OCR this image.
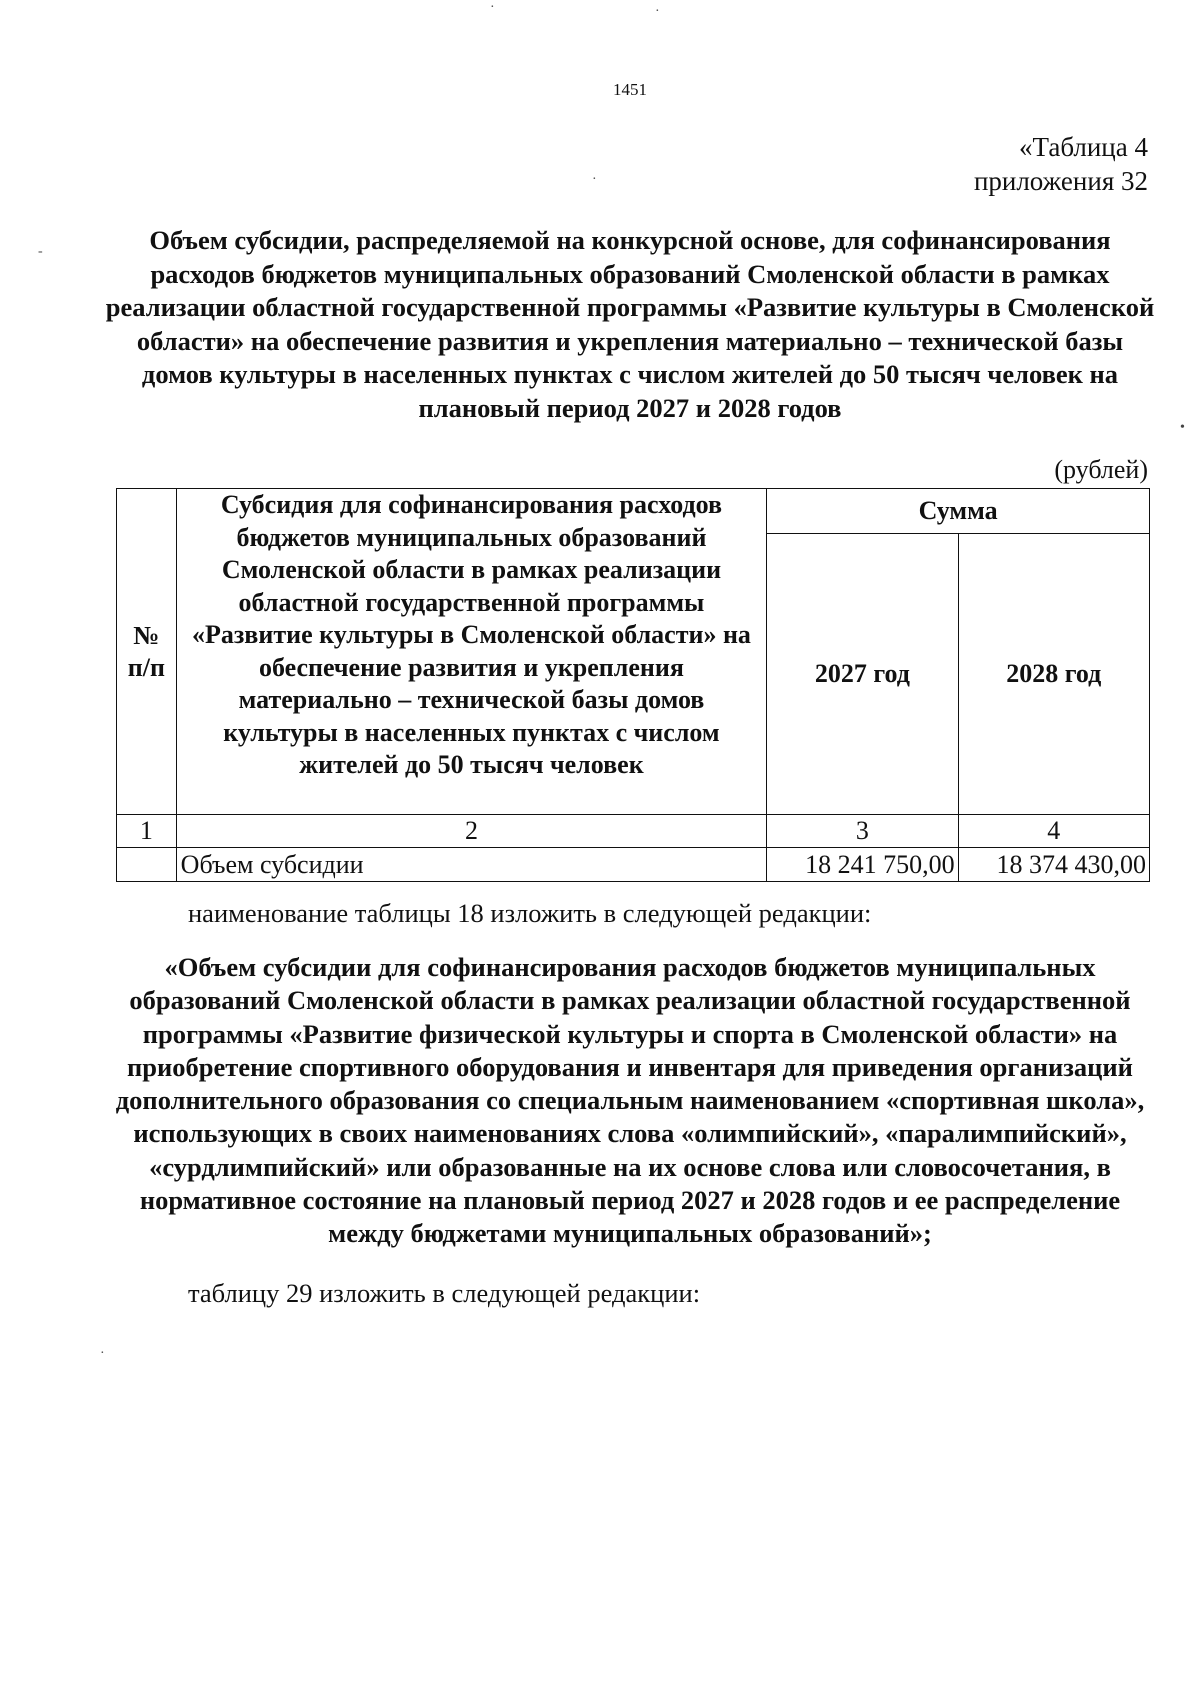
1451
«Таблица 4
приложения 32
Объем субсидии, распределяемой на конкурсной основе, для софинансирования расходов бюджетов муниципальных образований Смоленской области в рамках реализации областной государственной программы «Развитие культуры в Смоленской области» на обеспечение развития и укрепления материально – технической базы домов культуры в населенных пунктах с числом жителей до 50 тысяч человек на плановый период 2027 и 2028 годов
(рублей)
№ п/п	Субсидия для софинансирования расходов бюджетов муниципальных образований Смоленской области в рамках реализации областной государственной программы «Развитие культуры в Смоленской области» на обеспечение развития и укрепления материально – технической базы домов культуры в населенных пунктах с числом жителей до 50 тысяч человек	Сумма	
		2027 год	2028 год
1	2	3	4
	Объем субсидии	18 241 750,00	18 374 430,00
наименование таблицы 18 изложить в следующей редакции:
«Объем субсидии для софинансирования расходов бюджетов муниципальных образований Смоленской области в рамках реализации областной государственной программы «Развитие физической культуры и спорта в Смоленской области» на приобретение спортивного оборудования и инвентаря для приведения организаций дополнительного образования со специальным наименованием «спортивная школа», использующих в своих наименованиях слова «олимпийский», «паралимпийский», «сурдлимпийский» или образованные на их основе слова или словосочетания, в нормативное состояние на плановый период 2027 и 2028 годов и ее распределение между бюджетами муниципальных образований»;
таблицу 29 изложить в следующей редакции:
·	·
·
-
•
·
